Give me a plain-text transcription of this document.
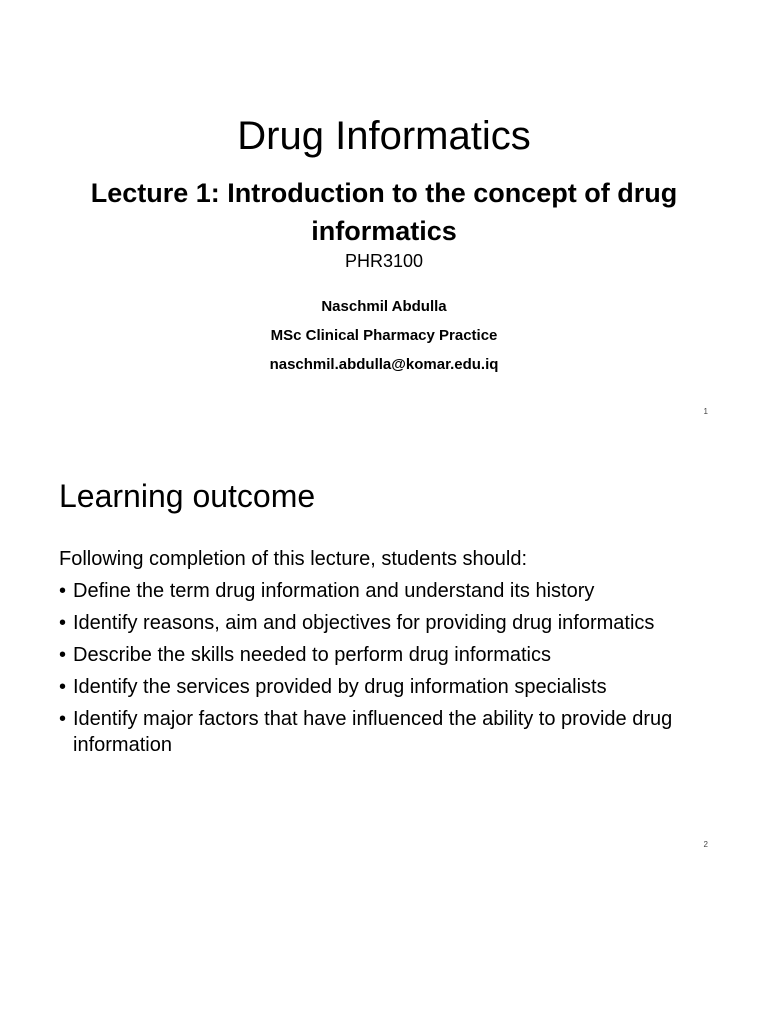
Drug Informatics
Lecture 1: Introduction to the concept of drug informatics
PHR3100
Naschmil Abdulla
MSc Clinical Pharmacy Practice
naschmil.abdulla@komar.edu.iq
1
Learning outcome
Following completion of this lecture, students should:
• Define the term drug information and understand its history
• Identify reasons, aim and objectives for providing drug informatics
• Describe the skills needed to perform drug informatics
• Identify the services provided by drug information specialists
• Identify major factors that have influenced the ability to provide drug information
2
